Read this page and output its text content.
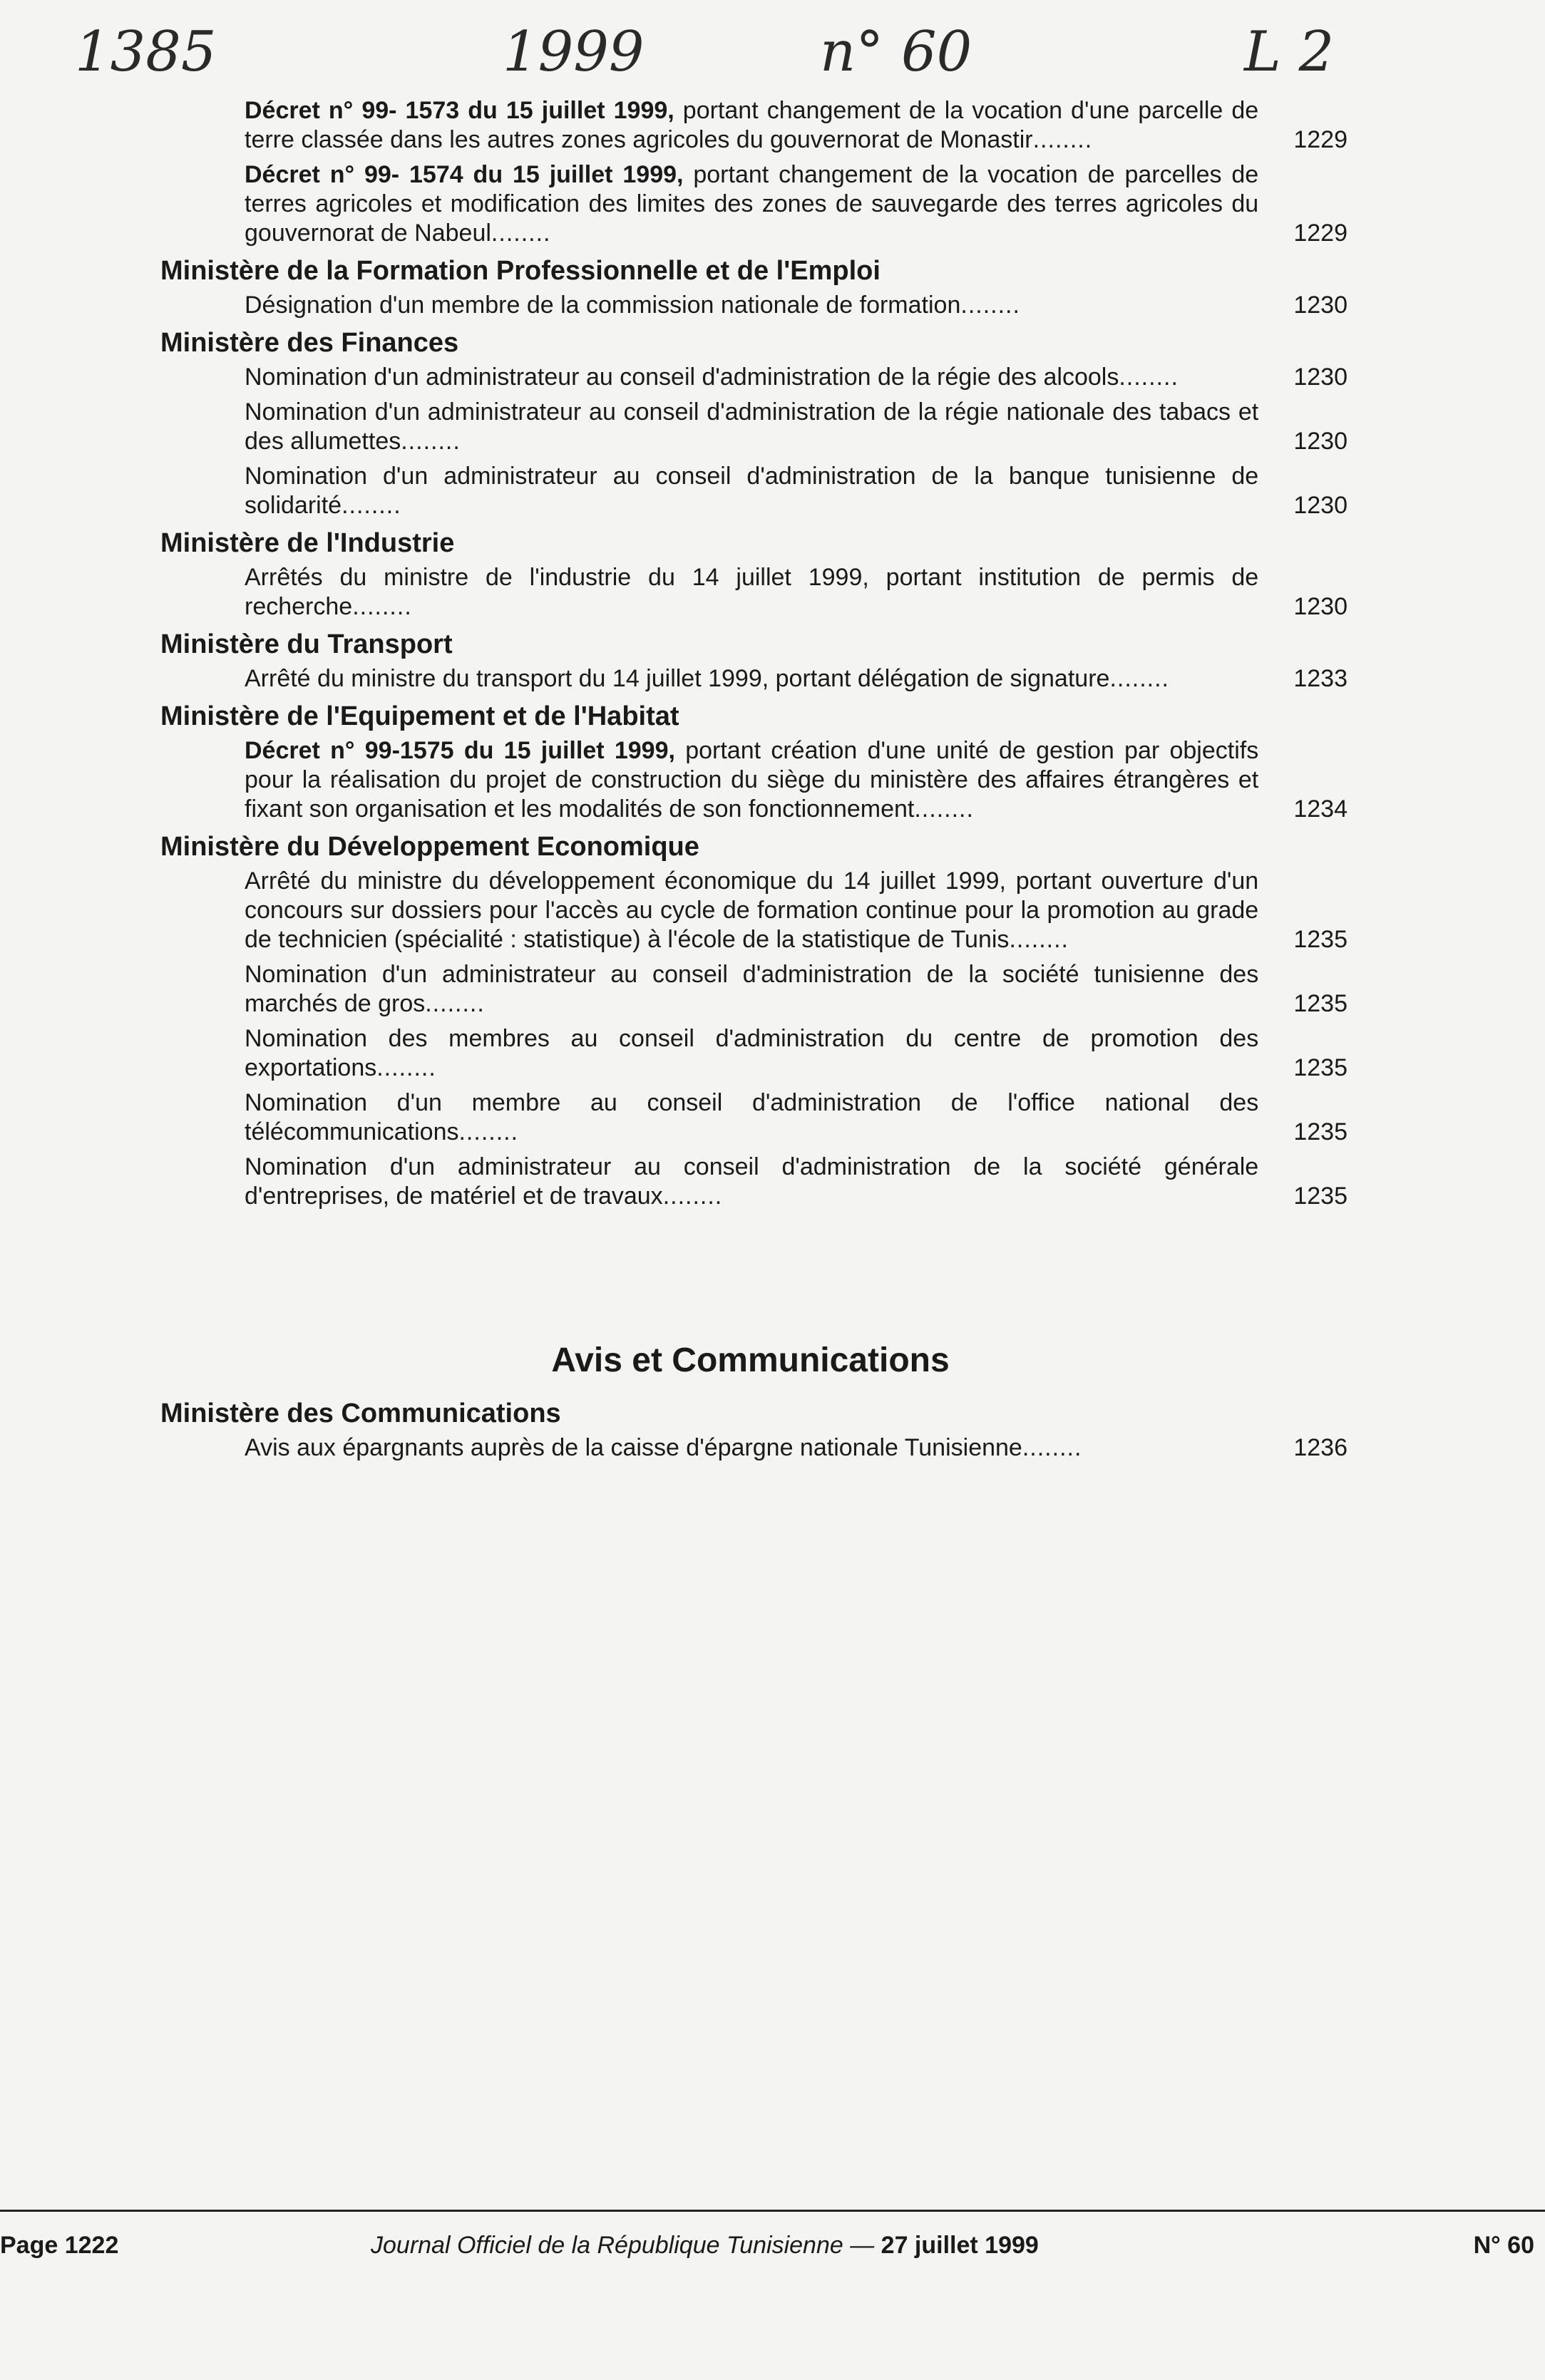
1385	1999	n° 60	L 2
Décret n° 99- 1573 du 15 juillet 1999, portant changement de la vocation d'une parcelle de terre classée dans les autres zones agricoles du gouvernorat de Monastir........	1229
Décret n° 99- 1574 du 15 juillet 1999, portant changement de la vocation de parcelles de terres agricoles et modification des limites des zones de sauvegarde des terres agricoles du gouvernorat de Nabeul........	1229
Ministère de la Formation Professionnelle et de l'Emploi
Désignation d'un membre de la commission nationale de formation........	1230
Ministère des Finances
Nomination d'un administrateur au conseil d'administration de la régie des alcools........	1230
Nomination d'un administrateur au conseil d'administration de la régie nationale des tabacs et des allumettes........	1230
Nomination d'un administrateur au conseil d'administration de la banque tunisienne de solidarité........	1230
Ministère de l'Industrie
Arrêtés du ministre de l'industrie du 14 juillet 1999, portant institution de permis de recherche........	1230
Ministère du Transport
Arrêté du ministre du transport du 14 juillet 1999, portant délégation de signature........	1233
Ministère de l'Equipement et de l'Habitat
Décret n° 99-1575 du 15 juillet 1999, portant création d'une unité de gestion par objectifs pour la réalisation du projet de construction du siège du ministère des affaires étrangères et fixant son organisation et les modalités de son fonctionnement........	1234
Ministère du Développement Economique
Arrêté du ministre du développement économique du 14 juillet 1999, portant ouverture d'un concours sur dossiers pour l'accès au cycle de formation continue pour la promotion au grade de technicien (spécialité : statistique) à l'école de la statistique de Tunis........	1235
Nomination d'un administrateur au conseil d'administration de la société tunisienne des marchés de gros........	1235
Nomination des membres au conseil d'administration du centre de promotion des exportations........	1235
Nomination d'un membre au conseil d'administration de l'office national des télécommunications........	1235
Nomination d'un administrateur au conseil d'administration de la société générale d'entreprises, de matériel et de travaux........	1235
Avis et Communications
Ministère des Communications
Avis aux épargnants auprès de la caisse d'épargne nationale Tunisienne........	1236
Page 1222	Journal Officiel de la République Tunisienne — 27 juillet 1999	N° 60
